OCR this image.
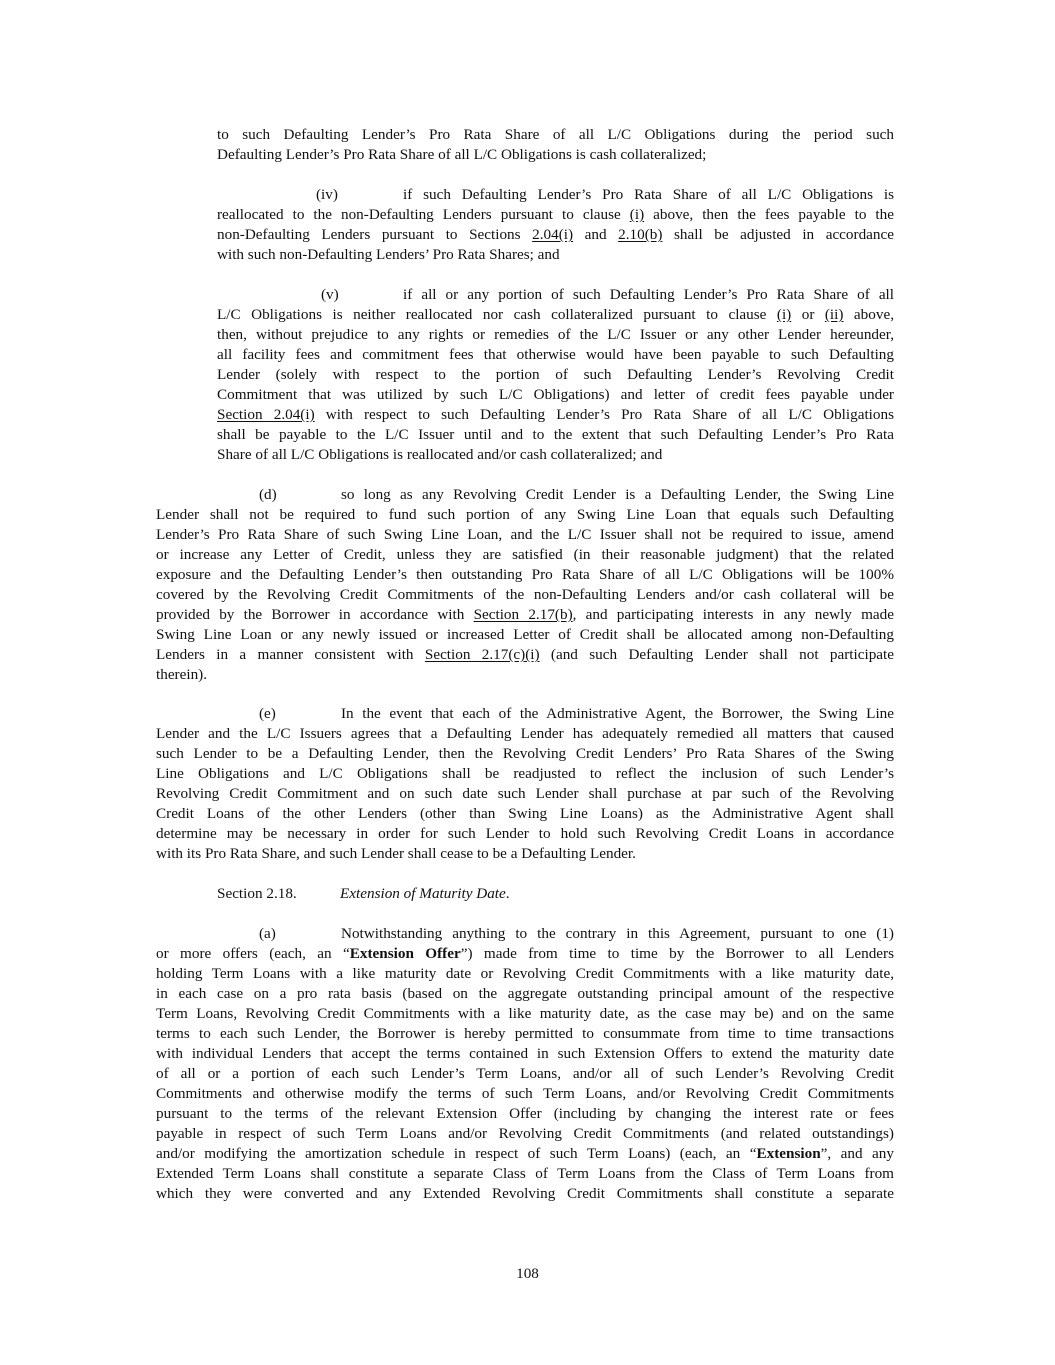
to such Defaulting Lender’s Pro Rata Share of all L/C Obligations during the period such
Defaulting Lender’s Pro Rata Share of all L/C Obligations is cash collateralized;
(iv)	if such Defaulting Lender’s Pro Rata Share of all L/C Obligations is
reallocated to the non-Defaulting Lenders pursuant to clause (i) above, then the fees payable to the
non-Defaulting Lenders pursuant to Sections 2.04(i) and 2.10(b) shall be adjusted in accordance
with such non-Defaulting Lenders’ Pro Rata Shares; and
(v)	if all or any portion of such Defaulting Lender’s Pro Rata Share of all
L/C Obligations is neither reallocated nor cash collateralized pursuant to clause (i) or (ii) above,
then, without prejudice to any rights or remedies of the L/C Issuer or any other Lender hereunder,
all facility fees and commitment fees that otherwise would have been payable to such Defaulting
Lender (solely with respect to the portion of such Defaulting Lender’s Revolving Credit
Commitment that was utilized by such L/C Obligations) and letter of credit fees payable under
Section 2.04(i) with respect to such Defaulting Lender’s Pro Rata Share of all L/C Obligations
shall be payable to the L/C Issuer until and to the extent that such Defaulting Lender’s Pro Rata
Share of all L/C Obligations is reallocated and/or cash collateralized; and
(d)	so long as any Revolving Credit Lender is a Defaulting Lender, the Swing Line
Lender shall not be required to fund such portion of any Swing Line Loan that equals such Defaulting
Lender’s Pro Rata Share of such Swing Line Loan, and the L/C Issuer shall not be required to issue, amend
or increase any Letter of Credit, unless they are satisfied (in their reasonable judgment) that the related
exposure and the Defaulting Lender’s then outstanding Pro Rata Share of all L/C Obligations will be 100%
covered by the Revolving Credit Commitments of the non-Defaulting Lenders and/or cash collateral will be
provided by the Borrower in accordance with Section 2.17(b), and participating interests in any newly made
Swing Line Loan or any newly issued or increased Letter of Credit shall be allocated among non-Defaulting
Lenders in a manner consistent with Section 2.17(c)(i) (and such Defaulting Lender shall not participate
therein).
(e)	In the event that each of the Administrative Agent, the Borrower, the Swing Line
Lender and the L/C Issuers agrees that a Defaulting Lender has adequately remedied all matters that caused
such Lender to be a Defaulting Lender, then the Revolving Credit Lenders’ Pro Rata Shares of the Swing
Line Obligations and L/C Obligations shall be readjusted to reflect the inclusion of such Lender’s
Revolving Credit Commitment and on such date such Lender shall purchase at par such of the Revolving
Credit Loans of the other Lenders (other than Swing Line Loans) as the Administrative Agent shall
determine may be necessary in order for such Lender to hold such Revolving Credit Loans in accordance
with its Pro Rata Share, and such Lender shall cease to be a Defaulting Lender.
Section 2.18.	Extension of Maturity Date.
(a)	Notwithstanding anything to the contrary in this Agreement, pursuant to one (1)
or more offers (each, an “Extension Offer”) made from time to time by the Borrower to all Lenders
holding Term Loans with a like maturity date or Revolving Credit Commitments with a like maturity date,
in each case on a pro rata basis (based on the aggregate outstanding principal amount of the respective
Term Loans, Revolving Credit Commitments with a like maturity date, as the case may be) and on the same
terms to each such Lender, the Borrower is hereby permitted to consummate from time to time transactions
with individual Lenders that accept the terms contained in such Extension Offers to extend the maturity date
of all or a portion of each such Lender’s Term Loans, and/or all of such Lender’s Revolving Credit
Commitments and otherwise modify the terms of such Term Loans, and/or Revolving Credit Commitments
pursuant to the terms of the relevant Extension Offer (including by changing the interest rate or fees
payable in respect of such Term Loans and/or Revolving Credit Commitments (and related outstandings)
and/or modifying the amortization schedule in respect of such Term Loans) (each, an “Extension”, and any
Extended Term Loans shall constitute a separate Class of Term Loans from the Class of Term Loans from
which they were converted and any Extended Revolving Credit Commitments shall constitute a separate
108
